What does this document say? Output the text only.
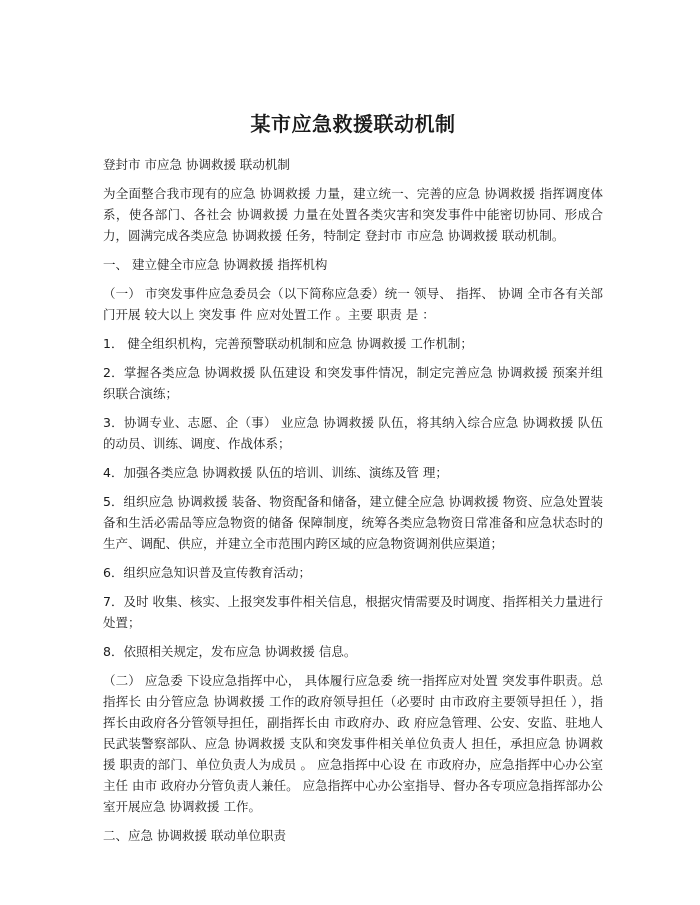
某市应急救援联动机制

登封市 市应急 协调救援 联动机制

为全面整合我市现有的应急 协调救援 力量，建立统一、完善的应急 协调救援 指挥调度体系，使各部门、各社会 协调救援 力量在处置各类灾害和突发事件中能密切协同、形成合力，圆满完成各类应急 协调救援 任务，特制定 登封市 市应急 协调救援 联动机制。

一、 建立健全市应急 协调救援 指挥机构

（一） 市突发事件应急委员会（以下简称应急委）统一 领导、 指挥、 协调 全市各有关部门开展 较大以上 突发事 件 应对处置工作 。主要 职责 是 ：

1． 健全组织机构，完善预警联动机制和应急 协调救援 工作机制；

2．掌握各类应急 协调救援 队伍建设 和突发事件情况，制定完善应急 协调救援 预案并组织联合演练；

3．协调专业、志愿、企（事） 业应急 协调救援 队伍，将其纳入综合应急 协调救援 队伍的动员、训练、调度、作战体系；

4．加强各类应急 协调救援 队伍的培训、训练、演练及管 理；

5．组织应急 协调救援 装备、物资配备和储备，建立健全应急 协调救援 物资、应急处置装备和生活必需品等应急物资的储备 保障制度，统筹各类应急物资日常准备和应急状态时的生产、调配、供应，并建立全市范围内跨区域的应急物资调剂供应渠道；

6．组织应急知识普及宣传教育活动；

7．及时 收集、核实、上报突发事件相关信息，根据灾情需要及时调度、指挥相关力量进行处置；

8．依照相关规定，发布应急 协调救援 信息。

（二） 应急委 下设应急指挥中心， 具体履行应急委 统一指挥应对处置 突发事件职责。总指挥长 由分管应急 协调救援 工作的政府领导担任（必要时 由市政府主要领导担任 ），指挥长由政府各分管领导担任，副指挥长由 市政府办、政 府应急管理、公安、安监、驻地人民武装警察部队、应急 协调救援 支队和突发事件相关单位负责人 担任，承担应急 协调救援 职责的部门、单位负责人为成员 。 应急指挥中心设 在 市政府办，应急指挥中心办公室主任 由市 政府办分管负责人兼任。 应急指挥中心办公室指导、督办各专项应急指挥部办公室开展应急 协调救援 工作。

二、应急 协调救援 联动单位职责
